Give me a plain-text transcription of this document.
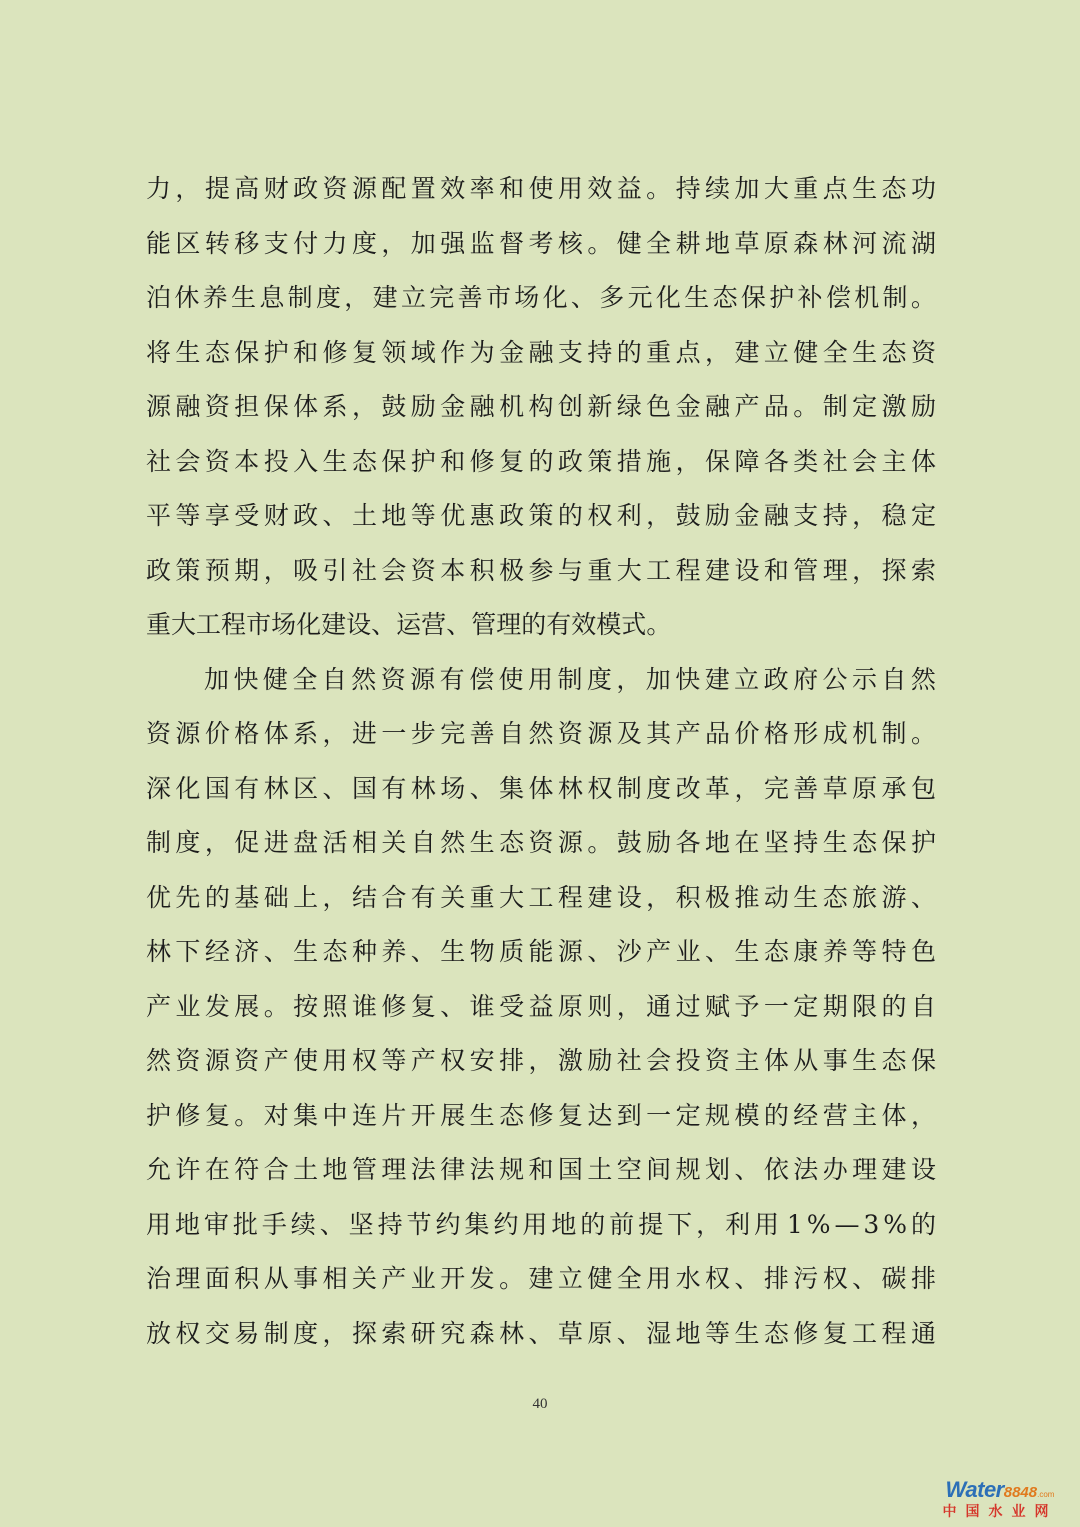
力 ， 提 高 财 政 资 源 配 置 效 率 和 使 用 效 益 。 持 续 加 大 重 点 生 态 功
能 区 转 移 支 付 力 度 ， 加 强 监 督 考 核 。 健 全 耕 地 草 原 森 林 河 流 湖
泊 休 养 生 息 制 度 ， 建 立 完 善 市 场 化 、 多 元 化 生 态 保 护 补 偿 机 制 。
将 生 态 保 护 和 修 复 领 域 作 为 金 融 支 持 的 重 点 ， 建 立 健 全 生 态 资
源 融 资 担 保 体 系 ， 鼓 励 金 融 机 构 创 新 绿 色 金 融 产 品 。 制 定 激 励
社 会 资 本 投 入 生 态 保 护 和 修 复 的 政 策 措 施 ， 保 障 各 类 社 会 主 体
平 等 享 受 财 政 、 土 地 等 优 惠 政 策 的 权 利 ， 鼓 励 金 融 支 持 ， 稳 定
政 策 预 期 ， 吸 引 社 会 资 本 积 极 参 与 重 大 工 程 建 设 和 管 理 ， 探 索
重 大 工 程 市 场 化 建 设 、 运 营 、 管 理 的 有 效 模 式 。
加 快 健 全 自 然 资 源 有 偿 使 用 制 度 ， 加 快 建 立 政 府 公 示 自 然
资 源 价 格 体 系 ， 进 一 步 完 善 自 然 资 源 及 其 产 品 价 格 形 成 机 制 。
深 化 国 有 林 区 、 国 有 林 场 、 集 体 林 权 制 度 改 革 ， 完 善 草 原 承 包
制 度 ， 促 进 盘 活 相 关 自 然 生 态 资 源 。 鼓 励 各 地 在 坚 持 生 态 保 护
优 先 的 基 础 上 ， 结 合 有 关 重 大 工 程 建 设 ， 积 极 推 动 生 态 旅 游 、
林 下 经 济 、 生 态 种 养 、 生 物 质 能 源 、 沙 产 业 、 生 态 康 养 等 特 色
产 业 发 展 。 按 照 谁 修 复 、 谁 受 益 原 则 ， 通 过 赋 予 一 定 期 限 的 自
然 资 源 资 产 使 用 权 等 产 权 安 排 ， 激 励 社 会 投 资 主 体 从 事 生 态 保
护 修 复 。 对 集 中 连 片 开 展 生 态 修 复 达 到 一 定 规 模 的 经 营 主 体 ，
允 许 在 符 合 土 地 管 理 法 律 法 规 和 国 土 空 间 规 划 、 依 法 办 理 建 设
用 地 审 批 手 续 、 坚 持 节 约 集 约 用 地 的 前 提 下 ， 利 用 1 % — 3 % 的
治 理 面 积 从 事 相 关 产 业 开 发 。 建 立 健 全 用 水 权 、 排 污 权 、 碳 排
放 权 交 易 制 度 ， 探 索 研 究 森 林 、 草 原 、 湿 地 等 生 态 修 复 工 程 通
40
Water8848.com
中国水业网
